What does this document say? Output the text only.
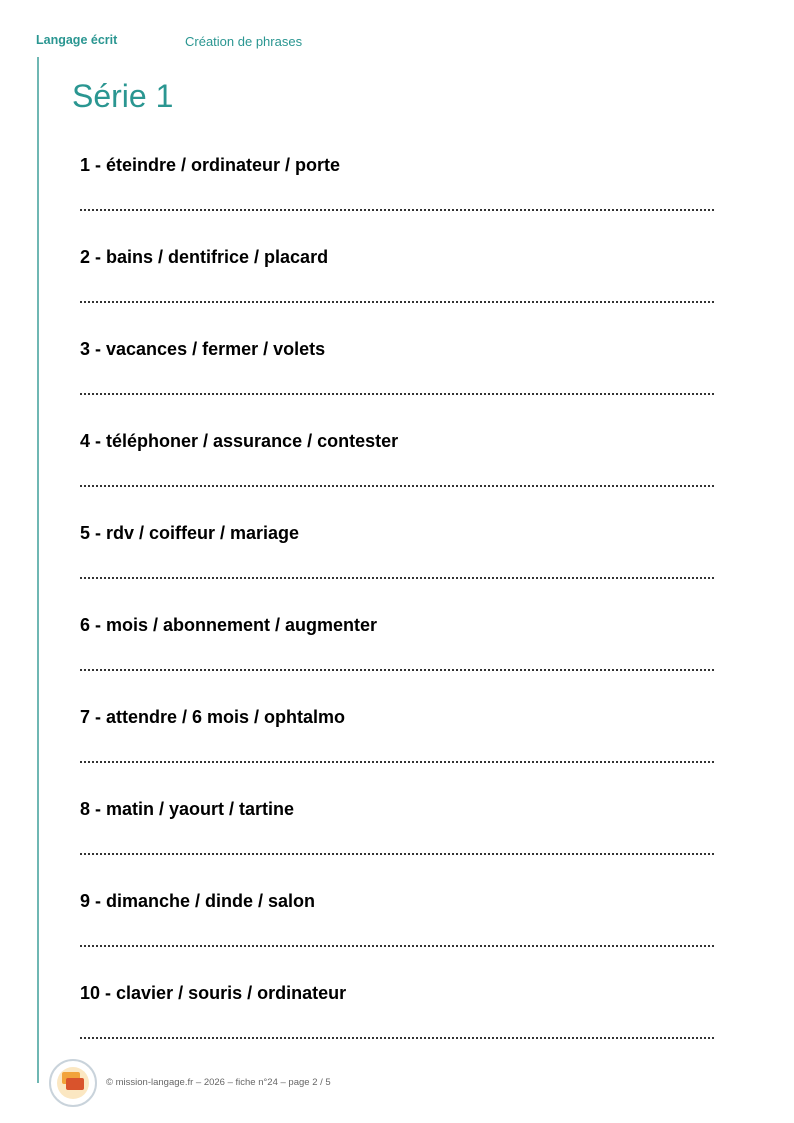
Langage écrit	Création de phrases
Série 1
1 - éteindre / ordinateur / porte
2 - bains / dentifrice / placard
3 - vacances / fermer / volets
4 - téléphoner / assurance / contester
5 - rdv / coiffeur / mariage
6 - mois / abonnement / augmenter
7 - attendre / 6 mois / ophtalmo
8 - matin / yaourt / tartine
9 - dimanche / dinde / salon
10 - clavier / souris / ordinateur
© mission-langage.fr – 2026 – fiche n°24 – page 2 / 5
